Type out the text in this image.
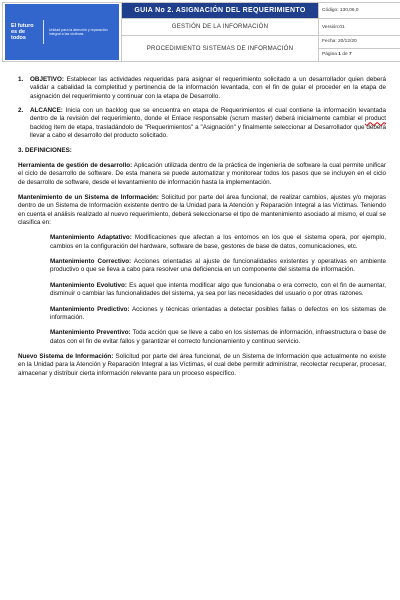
El futuro es de todos
Unidad para la atención y reparación integral a las víctimas	GUIA No 2. ASIGNACIÓN DEL REQUERIMIENTO	Código: 130,06,0

	GESTIÓN DE LA INFORMACIÓN	Versión:01

	PROCEDIMIENTO SISTEMAS DE INFORMACIÓN	Fecha: 20/12/20

		Página 1 de 7
1.	OBJETIVO: Establecer las actividades requeridas para asignar el requerimiento solicitado a un desarrollador quien deberá validar a cabalidad la completitud y pertinencia de la información levantada, con el fin de guiar el proceder en la etapa de asignación del requerimiento y continuar con la etapa de Desarrollo.
2.	ALCANCE: Inicia con un backlog que se encuentra en etapa de Requerimientos el cual contiene la información levantada dentro de la revisión del requerimiento, donde el Enlace responsable (scrum master) deberá inicialmente cambiar el product backlog ítem de etapa, trasladándolo de "Requerimientos" a "Asignación" y finalmente seleccionar al Desarrollador que deberá llevar a cabo el desarrollo del producto solicitado.
3. DEFINICIONES:

Herramienta de gestión de desarrollo: Aplicación utilizada dentro de la práctica de ingeniería de software la cual permite unificar el ciclo de desarrollo de software. De esta manera se puede automatizar y monitorear todos los pasos que se incluyen en el ciclo de desarrollo de software, desde el levantamiento de información hasta la implementación.

Mantenimiento de un Sistema de Información: Solicitud por parte del área funcional, de realizar cambios, ajustes y/o mejoras dentro de un Sistema de Información existente dentro de la Unidad para la Atención y Reparación Integral a las Víctimas. Teniendo en cuenta el análisis realizado al nuevo requerimiento, deberá seleccionarse el tipo de mantenimiento asociado al mismo, el cual se clasifica en:

Mantenimiento Adaptativo: Modificaciones que afectan a los entornos en los que el sistema opera, por ejemplo, cambios en la configuración del hardware, software de base, gestores de base de datos, comunicaciones, etc.

Mantenimiento Correctivo: Acciones orientadas al ajuste de funcionalidades existentes y operativas en ambiente productivo o que se lleva a cabo para resolver una deficiencia en un componente del sistema de información.

Mantenimiento Evolutivo: Es aquel que intenta modificar algo que funcionaba o era correcto, con el fin de aumentar, disminuir o cambiar las funcionalidades del sistema, ya sea por las necesidades del usuario o por otras razones.

Mantenimiento Predictivo: Acciones y técnicas orientadas a detectar posibles fallas o defectos en los sistemas de información.

Mantenimiento Preventivo: Toda acción que se lleve a cabo en los sistemas de información, infraestructura o base de datos con el fin de evitar fallos y garantizar el correcto funcionamiento y continuo servicio.

Nuevo Sistema de Información: Solicitud por parte del área funcional, de un Sistema de Información que actualmente no existe en la Unidad para la Atención y Reparación Integral a las Víctimas, el cual debe permitir administrar, recolectar recuperar, procesar, almacenar y distribuir cierta información relevante para un proceso específico.
